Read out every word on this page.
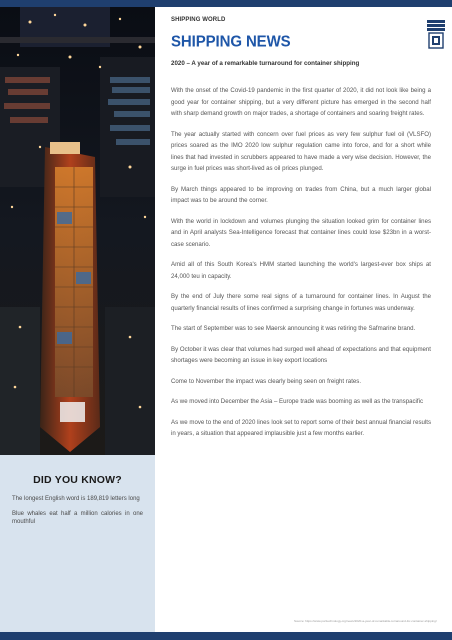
DID YOU KNOW?

The longest English word is 189,819 letters long

Blue whales eat half a million calories in one mouthful

SHIPPING WORLD
SHIPPING NEWS
2020 – A year of a remarkable turnaround for container shipping

With the onset of the Covid-19 pandemic in the first quarter of 2020, it did not look like being a good year for container shipping, but a very different picture has emerged in the second half with sharp demand growth on major trades, a shortage of containers and soaring freight rates.

The year actually started with concern over fuel prices as very few sulphur fuel oil (VLSFO) prices soared as the IMO 2020 low sulphur regulation came into force, and for a short while lines that had invested in scrubbers appeared to have made a very wise decision. However, the surge in fuel prices was short-lived as oil prices plunged.

By March things appeared to be improving on trades from China, but a much larger global impact was to be around the corner.

With the world in lockdown and volumes plunging the situation looked grim for container lines and in April analysts Sea-Intelligence forecast that container lines could lose $23bn in a worst-case scenario.

Amid all of this South Korea's HMM started launching the world's largest-ever box ships at 24,000 teu in capacity.

By the end of July there some real signs of a turnaround for container lines. In August the quarterly financial results of lines confirmed a surprising change in fortunes was underway.

The start of September was to see Maersk announcing it was retiring the Safmarine brand.

By October it was clear that volumes had surged well ahead of expectations and that equipment shortages were becoming an issue in key export locations

Come to November the impact was clearly being seen on freight rates.

As we moved into December the Asia – Europe trade was booming as well as the transpacific

As we move to the end of 2020 lines look set to report some of their best annual financial results in years, a situation that appeared implausible just a few months earlier.

Source: https://www.porttechnology.org/news/2020-a-year-of-remarkable-turnaround-for-container-shipping/
